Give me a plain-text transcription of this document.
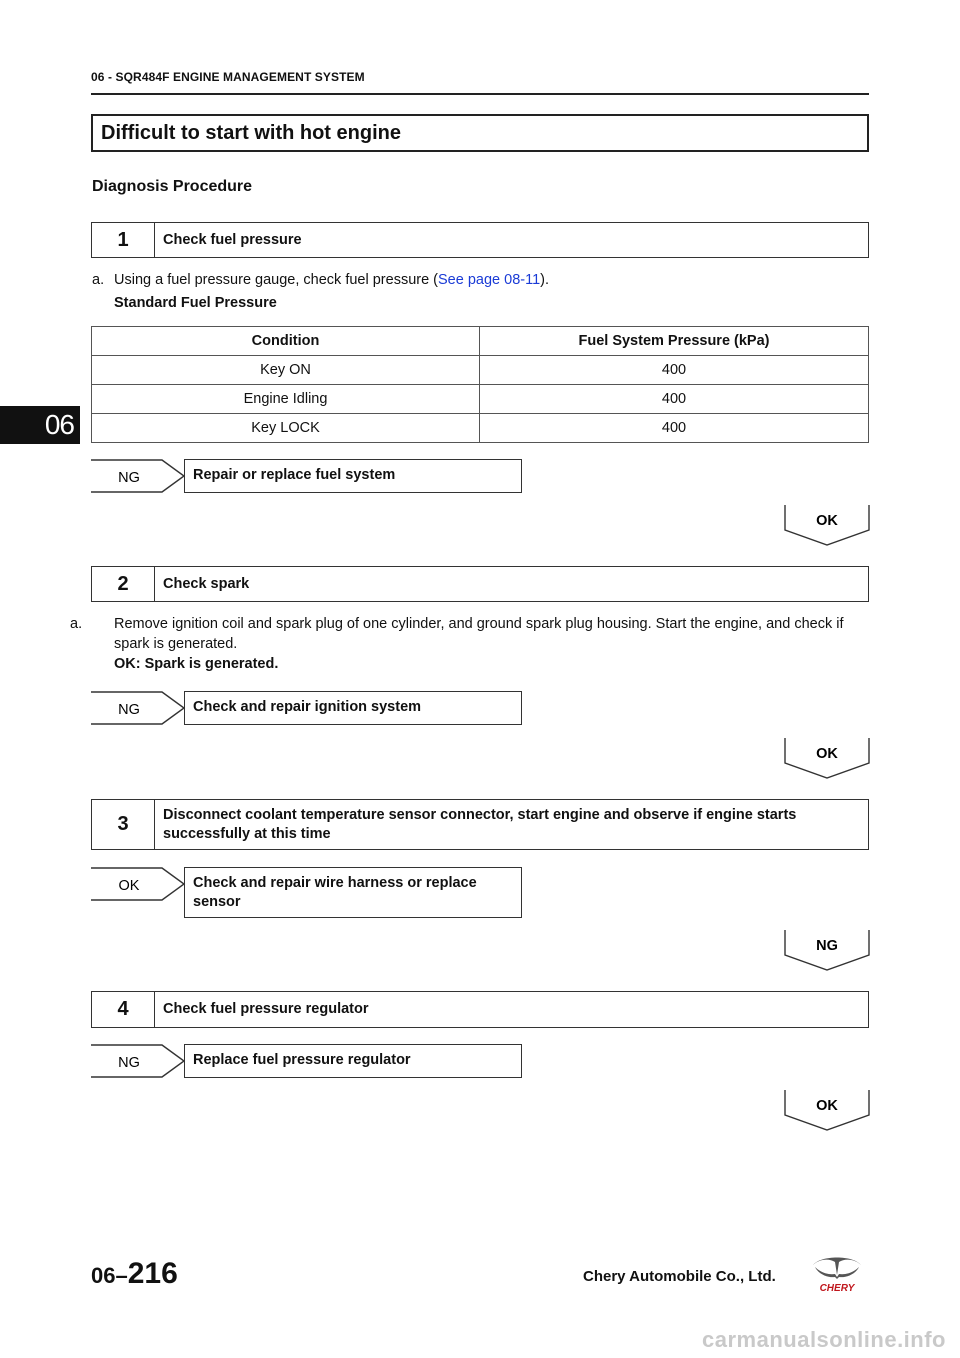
06 - SQR484F ENGINE MANAGEMENT SYSTEM
06
Difficult to start with hot engine
Diagnosis Procedure
1	Check fuel pressure
a. Using a fuel pressure gauge, check fuel pressure (See page 08-11).
Standard Fuel Pressure
Condition	Fuel System Pressure (kPa)
Key ON	400
Engine Idling	400
Key LOCK	400
NG	Repair or replace fuel system
OK
2	Check spark
a. Remove ignition coil and spark plug of one cylinder, and ground spark plug housing. Start the engine, and check if spark is generated.
OK: Spark is generated.
NG	Check and repair ignition system
OK
3	Disconnect coolant temperature sensor connector, start engine and observe if engine starts successfully at this time
OK	Check and repair wire harness or replace sensor
NG
4	Check fuel pressure regulator
NG	Replace fuel pressure regulator
OK
06–216	Chery Automobile Co., Ltd.
CHERY
carmanualsonline.info
